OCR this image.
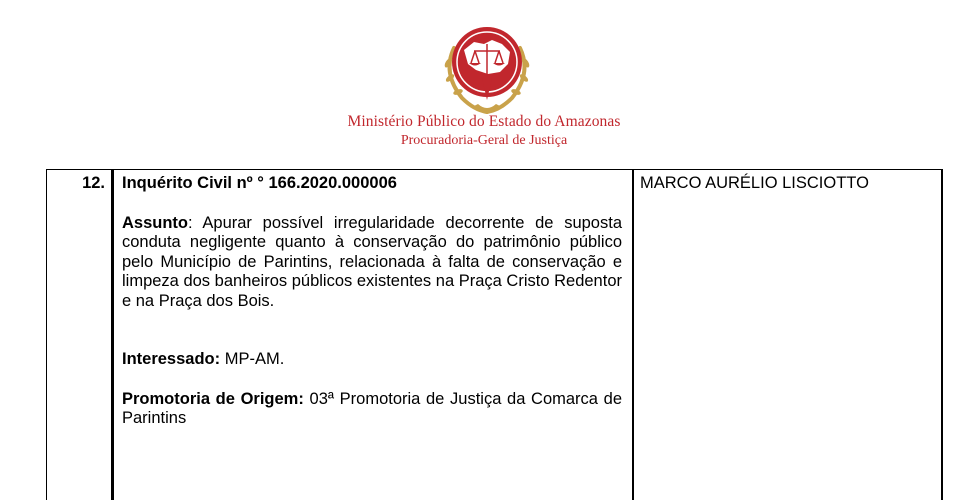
Ministério Público do Estado do Amazonas
Procuradoria-Geral de Justiça
12. Inquérito Civil nº ° 166.2020.000006

Assunto: Apurar possível irregularidade decorrente de suposta conduta negligente quanto à conservação do patrimônio público pelo Município de Parintins, relacionada à falta de conservação e limpeza dos banheiros públicos existentes na Praça Cristo Redentor e na Praça dos Bois.

Interessado: MP-AM.

Promotoria de Origem: 03ª Promotoria de Justiça da Comarca de Parintins

MARCO AURÉLIO LISCIOTTO
